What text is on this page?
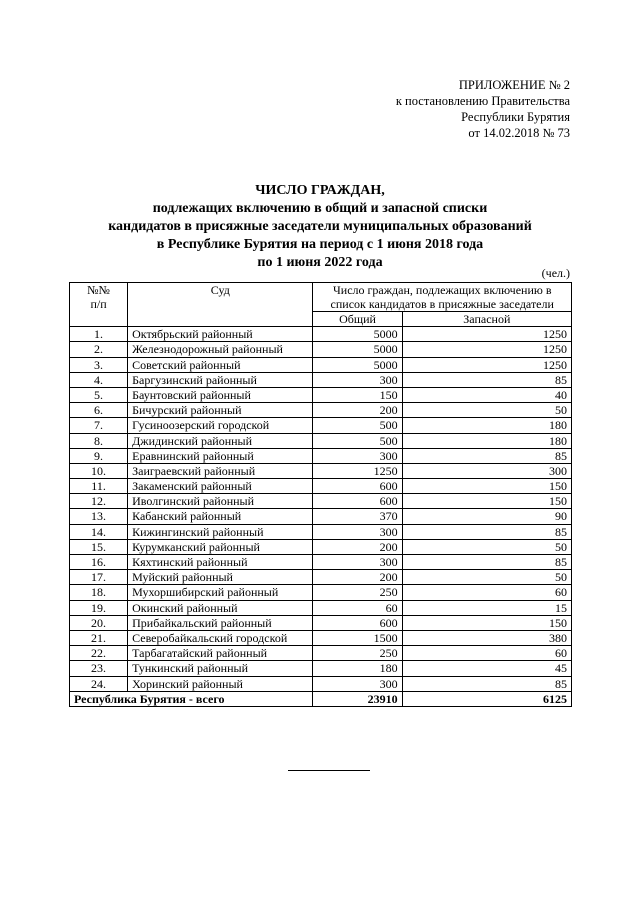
ПРИЛОЖЕНИЕ № 2
к постановлению Правительства
Республики Бурятия
от 14.02.2018 № 73
ЧИСЛО ГРАЖДАН,
подлежащих включению в общий и запасной списки
кандидатов в присяжные заседатели муниципальных образований
в Республике Бурятия на период с 1 июня 2018 года
по 1 июня 2022 года
(чел.)
№№
п/п	Суд	Число граждан, подлежащих включению в список кандидатов в присяжные заседатели	
		Общий	Запасной
1.	Октябрьский районный	5000	1250
2.	Железнодорожный районный	5000	1250
3.	Советский районный	5000	1250
4.	Баргузинский районный	300	85
5.	Баунтовский районный	150	40
6.	Бичурский районный	200	50
7.	Гусиноозерский городской	500	180
8.	Джидинский районный	500	180
9.	Еравнинский районный	300	85
10.	Заиграевский районный	1250	300
11.	Закаменский районный	600	150
12.	Иволгинский районный	600	150
13.	Кабанский районный	370	90
14.	Кижингинский районный	300	85
15.	Курумканский районный	200	50
16.	Кяхтинский районный	300	85
17.	Муйский районный	200	50
18.	Мухоршибирский районный	250	60
19.	Окинский районный	60	15
20.	Прибайкальский районный	600	150
21.	Северобайкальский городской	1500	380
22.	Тарбагатайский районный	250	60
23.	Тункинский районный	180	45
24.	Хоринский районный	300	85
Республика Бурятия - всего		23910	6125
